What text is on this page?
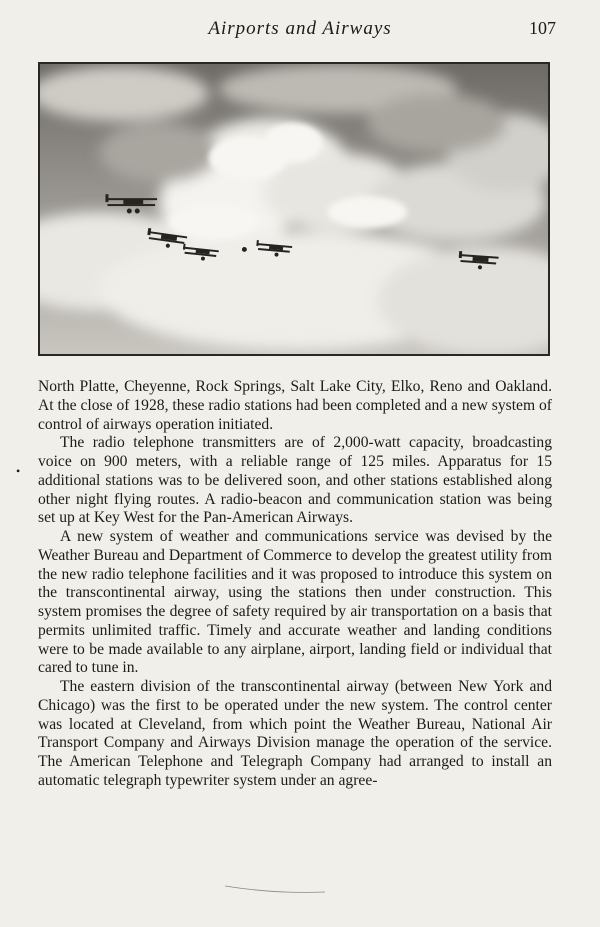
Airports and Airways	107
•

North Platte, Cheyenne, Rock Springs, Salt Lake City, Elko, Reno and Oakland. At the close of 1928, these radio stations had been completed and a new system of control of airways operation initiated.

The radio telephone transmitters are of 2,000-watt capacity, broadcasting voice on 900 meters, with a reliable range of 125 miles. Apparatus for 15 additional stations was to be delivered soon, and other stations established along other night flying routes. A radio-beacon and communication station was being set up at Key West for the Pan-American Airways.

A new system of weather and communications service was devised by the Weather Bureau and Department of Commerce to develop the greatest utility from the new radio telephone facilities and it was proposed to introduce this system on the transcontinental airway, using the stations then under construction. This system promises the degree of safety required by air transportation on a basis that permits unlimited traffic. Timely and accurate weather and landing conditions were to be made available to any airplane, airport, landing field or individual that cared to tune in.

The eastern division of the transcontinental airway (between New York and Chicago) was the first to be operated under the new system. The control center was located at Cleveland, from which point the Weather Bureau, National Air Transport Company and Airways Division manage the operation of the service. The American Telephone and Telegraph Company had arranged to install an automatic telegraph typewriter system under an agree-
